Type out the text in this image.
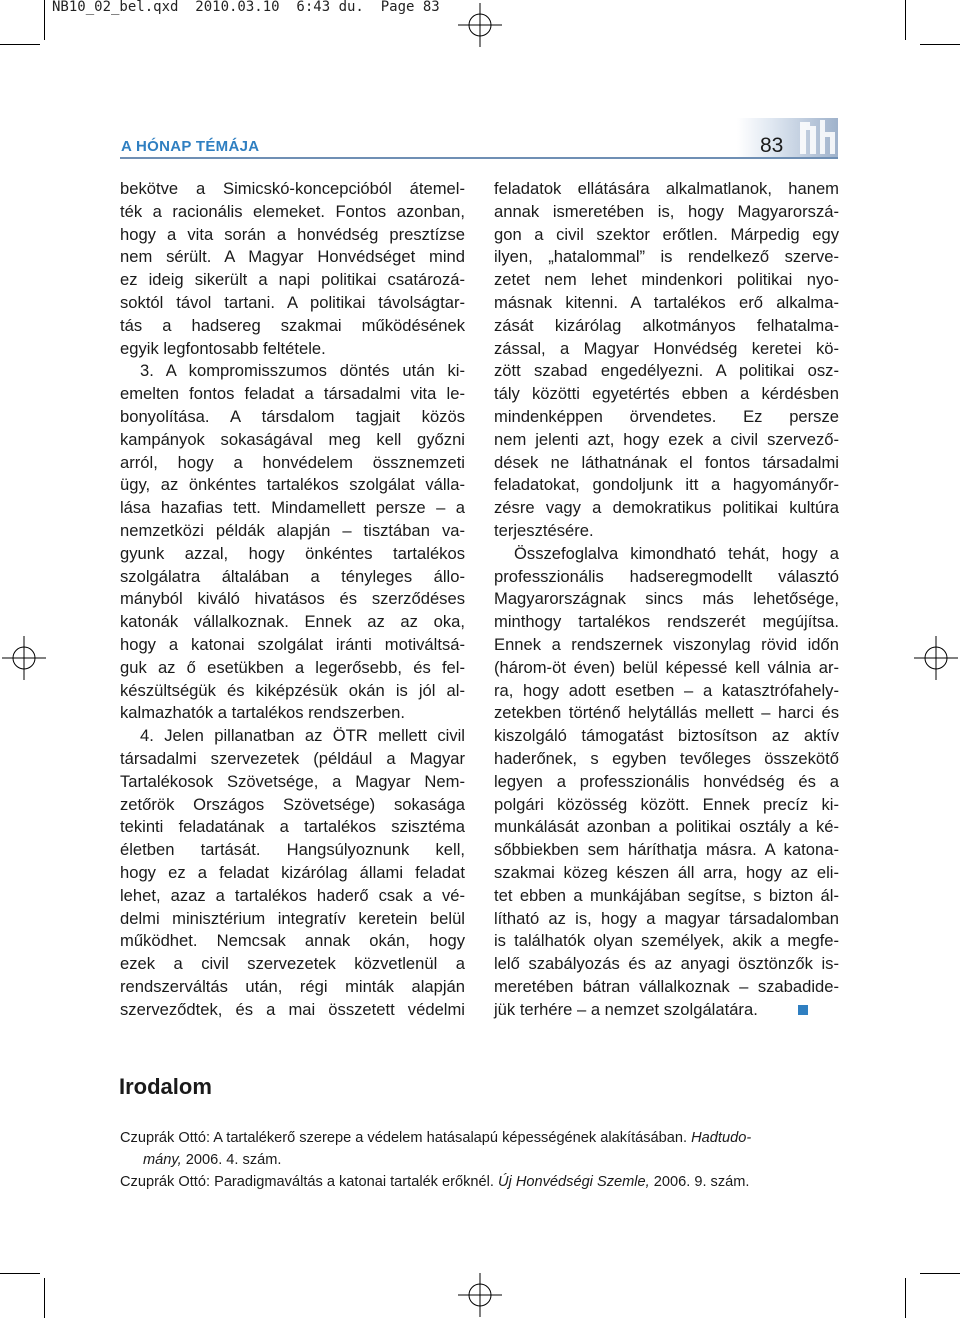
NB10_02_bel.qxd  2010.03.10  6:43 du.  Page 83
A HÓNAP TÉMÁJA	83
bekötve a Simicskó-koncepcióból átemel-
ték a racionális elemeket. Fontos azonban,
hogy a vita során a honvédség presztízse
nem sérült. A Magyar Honvédséget mind
ez ideig sikerült a napi politikai csatározá-
soktól távol tartani. A politikai távolságtar-
tás a hadsereg szakmai működésének
egyik legfontosabb feltétele.
3. A kompromisszumos döntés után ki-
emelten fontos feladat a társadalmi vita le-
bonyolítása. A társdalom tagjait közös
kampányok sokaságával meg kell győzni
arról, hogy a honvédelem össznemzeti
ügy, az önkéntes tartalékos szolgálat válla-
lása hazafias tett. Mindamellett persze – a
nemzetközi példák alapján – tisztában va-
gyunk azzal, hogy önkéntes tartalékos
szolgálatra általában a tényleges állo-
mányból kiváló hivatásos és szerződéses
katonák vállalkoznak. Ennek az az oka,
hogy a katonai szolgálat iránti motiváltsá-
guk az ő esetükben a legerősebb, és fel-
készültségük és kiképzésük okán is jól al-
kalmazhatók a tartalékos rendszerben.
4. Jelen pillanatban az ÖTR mellett civil
társadalmi szervezetek (például a Magyar
Tartalékosok Szövetsége, a Magyar Nem-
zetőrök Országos Szövetsége) sokasága
tekinti feladatának a tartalékos szisztéma
életben tartását. Hangsúlyoznunk kell,
hogy ez a feladat kizárólag állami feladat
lehet, azaz a tartalékos haderő csak a vé-
delmi minisztérium integratív keretein belül
működhet. Nemcsak annak okán, hogy
ezek a civil szervezetek közvetlenül a
rendszerváltás után, régi minták alapján
szerveződtek, és a mai összetett védelmi
feladatok ellátására alkalmatlanok, hanem
annak ismeretében is, hogy Magyarorszá-
gon a civil szektor erőtlen. Márpedig egy
ilyen, „hatalommal” is rendelkező szerve-
zetet nem lehet mindenkori politikai nyo-
másnak kitenni. A tartalékos erő alkalma-
zását kizárólag alkotmányos felhatalma-
zással, a Magyar Honvédség keretei kö-
zött szabad engedélyezni. A politikai osz-
tály közötti egyetértés ebben a kérdésben
mindenképpen örvendetes. Ez persze
nem jelenti azt, hogy ezek a civil szervező-
dések ne láthatnának el fontos társadalmi
feladatokat, gondoljunk itt a hagyományőr-
zésre vagy a demokratikus politikai kultúra
terjesztésére.
Összefoglalva kimondható tehát, hogy a
professzionális hadseregmodellt választó
Magyarországnak sincs más lehetősége,
minthogy tartalékos rendszerét megújítsa.
Ennek a rendszernek viszonylag rövid időn
(három-öt éven) belül képessé kell válnia ar-
ra, hogy adott esetben – a katasztrófahely-
zetekben történő helytállás mellett – harci és
kiszolgáló támogatást biztosítson az aktív
haderőnek, s egyben tevőleges összekötő
legyen a professzionális honvédség és a
polgári közösség között. Ennek precíz ki-
munkálását azonban a politikai osztály a ké-
sőbbiekben sem háríthatja másra. A katona-
szakmai közeg készen áll arra, hogy az eli-
tet ebben a munkájában segítse, s bizton ál-
lítható az is, hogy a magyar társadalomban
is találhatók olyan személyek, akik a megfe-
lelő szabályozás és az anyagi ösztönzők is-
meretében bátran vállalkoznak – szabadide-
jük terhére – a nemzet szolgálatára.
Irodalom
Czuprák Ottó: A tartalékerő szerepe a védelem hatásalapú képességének alakításában. Hadtudo-
mány, 2006. 4. szám.
Czuprák Ottó: Paradigmaváltás a katonai tartalék erőknél. Új Honvédségi Szemle, 2006. 9. szám.
